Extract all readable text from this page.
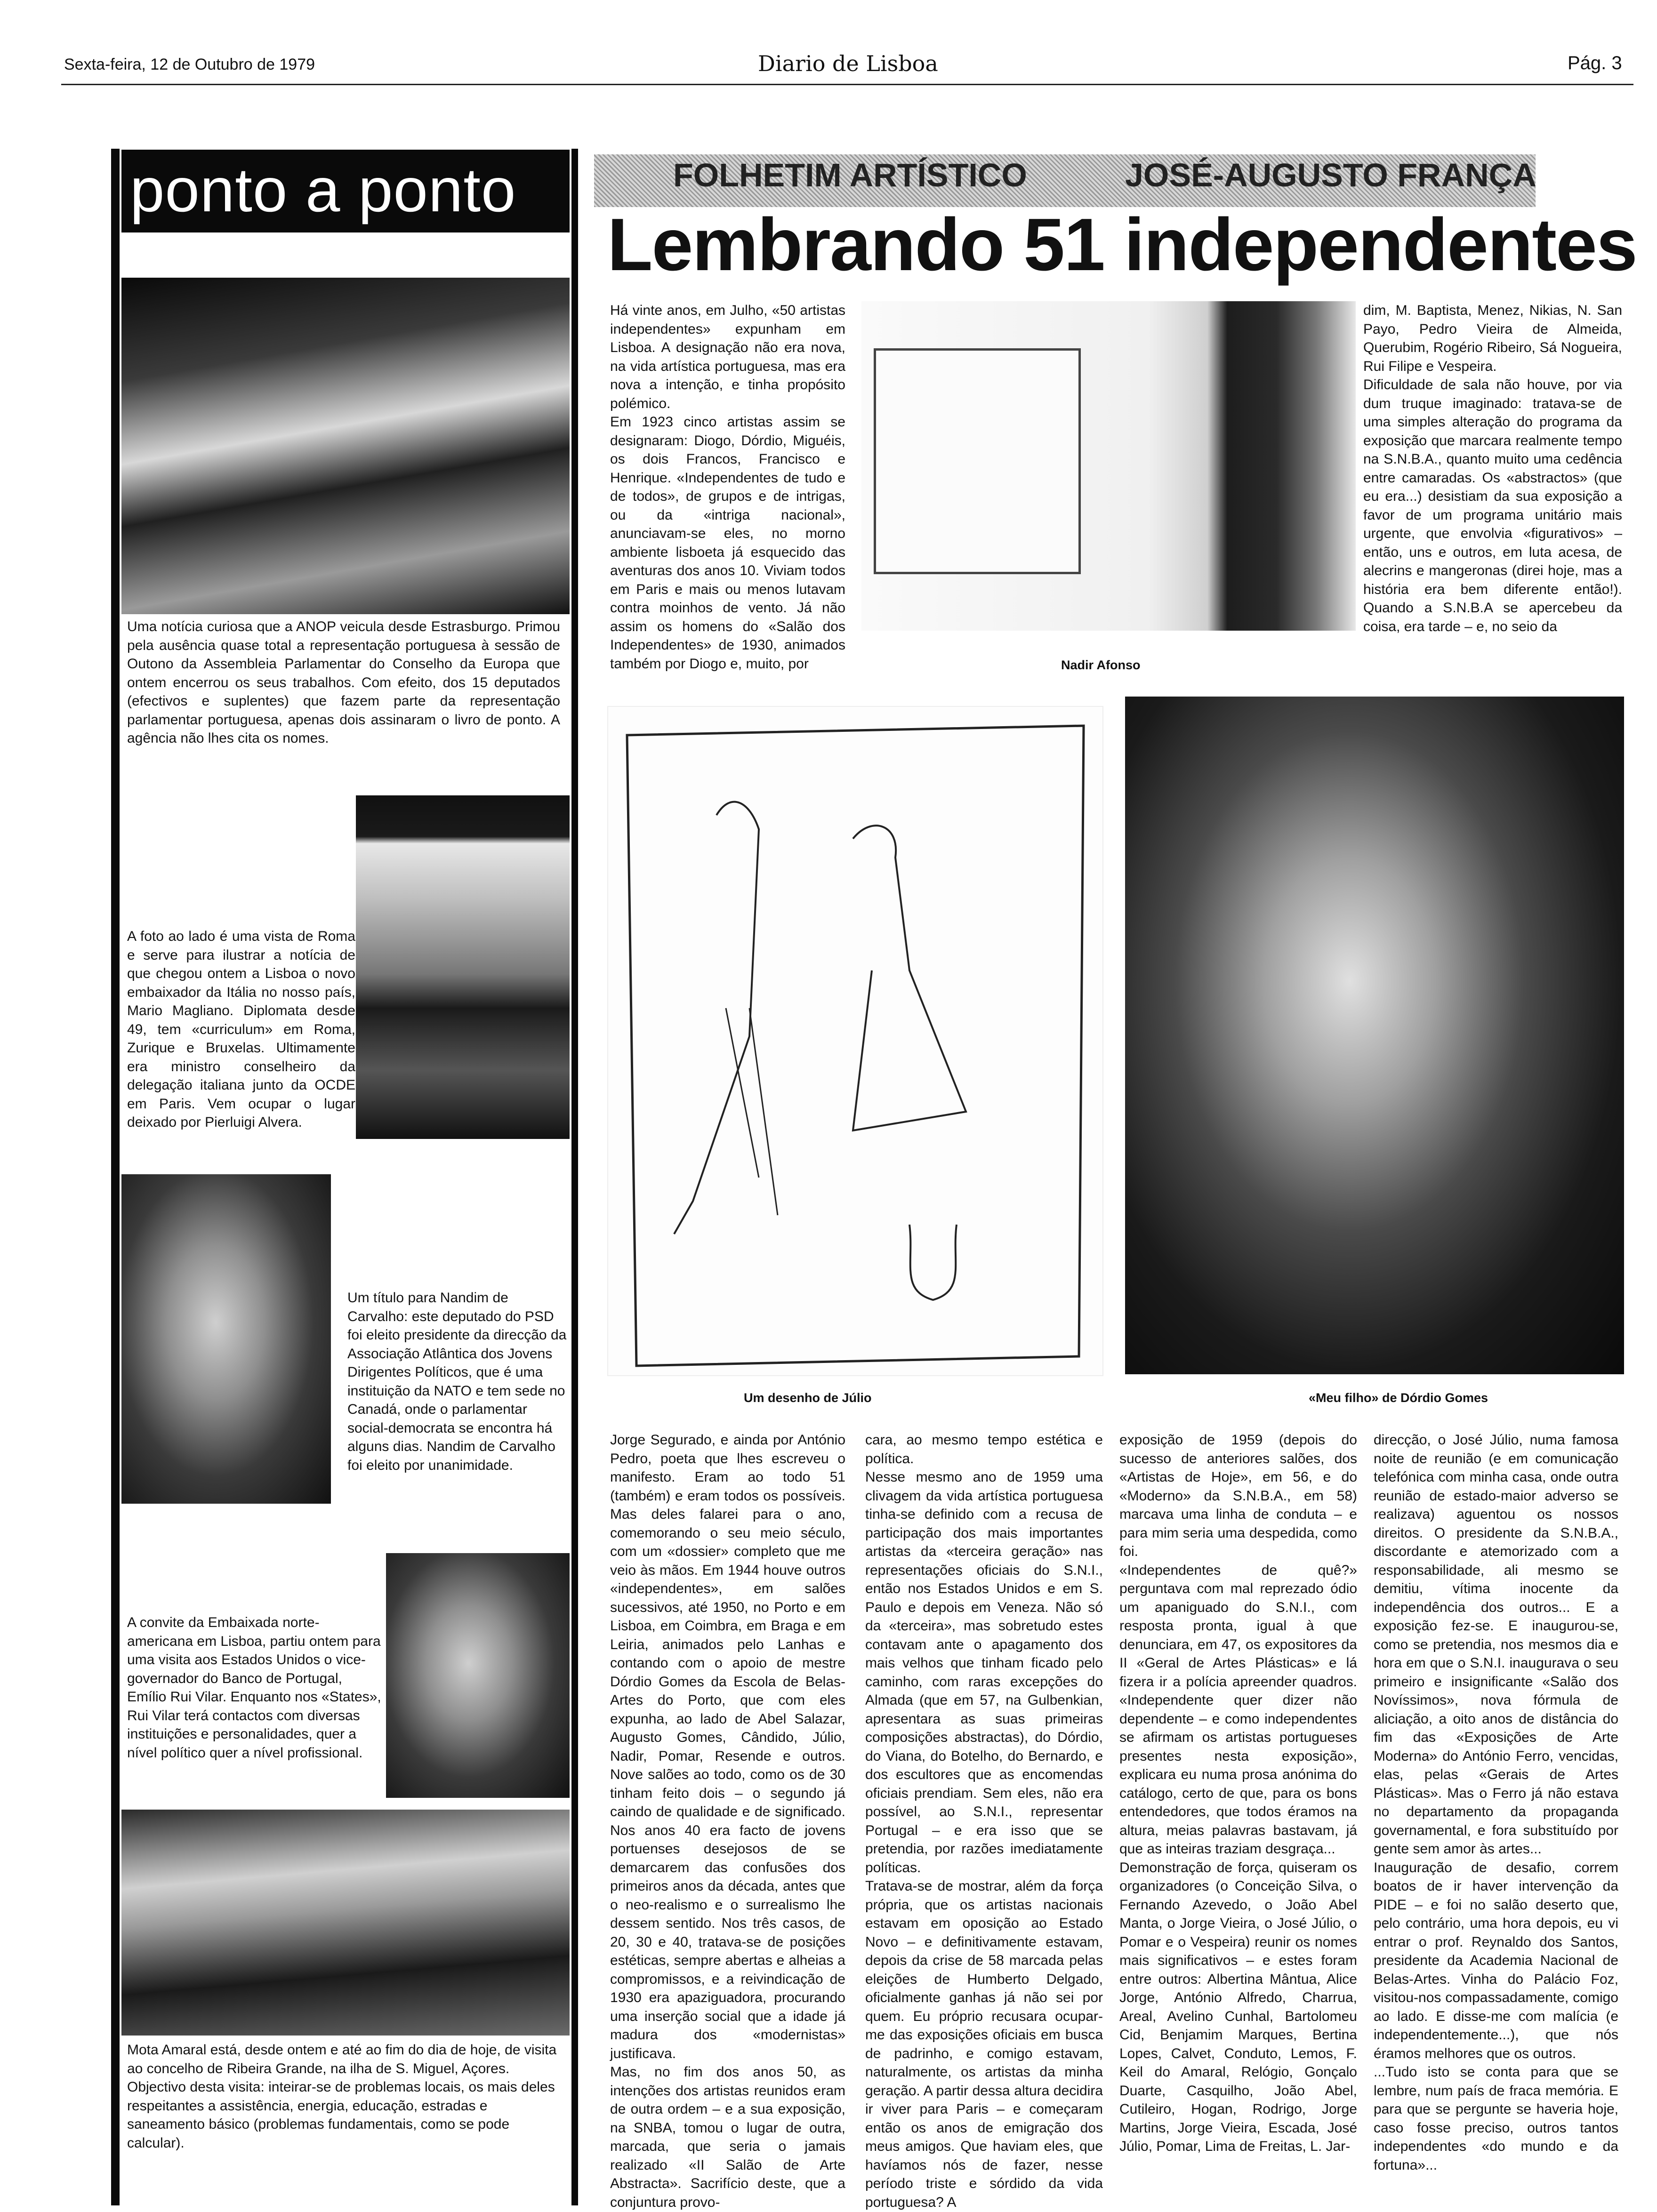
Sexta-feira, 12 de Outubro de 1979	Diario de Lisboa	Pág. 3
ponto a ponto
Uma notícia curiosa que a ANOP veicula desde Estrasburgo. Primou pela ausência quase total a representação portuguesa à sessão de Outono da Assembleia Parlamentar do Conselho da Europa que ontem encerrou os seus trabalhos. Com efeito, dos 15 deputados (efectivos e suplentes) que fazem parte da representação parlamentar portuguesa, apenas dois assinaram o livro de ponto. A agência não lhes cita os nomes.
A foto ao lado é uma vista de Roma e serve para ilustrar a notícia de que chegou ontem a Lisboa o novo embaixador da Itália no nosso país, Mario Magliano. Diplomata desde 49, tem «curriculum» em Roma, Zurique e Bruxelas. Ultimamente era ministro conselheiro da delegação italiana junto da OCDE em Paris. Vem ocupar o lugar deixado por Pierluigi Alvera.
Um título para Nandim de Carvalho: este deputado do PSD foi eleito presidente da direcção da Associação Atlântica dos Jovens Dirigentes Políticos, que é uma instituição da NATO e tem sede no Canadá, onde o parlamentar social-democrata se encontra há alguns dias. Nandim de Carvalho foi eleito por unanimidade.
A convite da Embaixada norte-americana em Lisboa, partiu ontem para uma visita aos Estados Unidos o vice-governador do Banco de Portugal, Emílio Rui Vilar. Enquanto nos «States», Rui Vilar terá contactos com diversas instituições e personalidades, quer a nível político quer a nível profissional.
Mota Amaral está, desde ontem e até ao fim do dia de hoje, de visita ao concelho de Ribeira Grande, na ilha de S. Miguel, Açores. Objectivo desta visita: inteirar-se de problemas locais, os mais deles respeitantes a assistência, energia, educação, estradas e saneamento básico (problemas fundamentais, como se pode calcular).
FOLHETIM ARTÍSTICO	JOSÉ-AUGUSTO FRANÇA
Lembrando 51 independentes
Há vinte anos, em Julho, «50 artistas independentes» expunham em Lisboa. A designação não era nova, na vida artística portuguesa, mas era nova a intenção, e tinha propósito polémico.
Em 1923 cinco artistas assim se designaram: Diogo, Dórdio, Miguéis, os dois Francos, Francisco e Henrique. «Independentes de tudo e de todos», de grupos e de intrigas, ou da «intriga nacional», anunciavam-se eles, no morno ambiente lisboeta já esquecido das aventuras dos anos 10. Viviam todos em Paris e mais ou menos lutavam contra moinhos de vento. Já não assim os homens do «Salão dos Independentes» de 1930, animados também por Diogo e, muito, por	Nadir Afonso
dim, M. Baptista, Menez, Nikias, N. San Payo, Pedro Vieira de Almeida, Querubim, Rogério Ribeiro, Sá Nogueira, Rui Filipe e Vespeira.
Dificuldade de sala não houve, por via dum truque imaginado: tratava-se de uma simples alteração do programa da exposição que marcara realmente tempo na S.N.B.A., quanto muito uma cedência entre camaradas. Os «abstractos» (que eu era...) desistiam da sua exposição a favor de um programa unitário mais urgente, que envolvia «figurativos» – então, uns e outros, em luta acesa, de alecrins e mangeronas (direi hoje, mas a história era bem diferente então!). Quando a S.N.B.A se apercebeu da coisa, era tarde – e, no seio da
Um desenho de Júlio	«Meu filho» de Dórdio Gomes
Jorge Segurado, e ainda por António Pedro, poeta que lhes escreveu o manifesto. Eram ao todo 51 (também) e eram todos os possíveis. Mas deles falarei para o ano, comemorando o seu meio século, com um «dossier» completo que me veio às mãos. Em 1944 houve outros «independentes», em salões sucessivos, até 1950, no Porto e em Lisboa, em Coimbra, em Braga e em Leiria, animados pelo Lanhas e contando com o apoio de mestre Dórdio Gomes da Escola de Belas-Artes do Porto, que com eles expunha, ao lado de Abel Salazar, Augusto Gomes, Cândido, Júlio, Nadir, Pomar, Resende e outros. Nove salões ao todo, como os de 30 tinham feito dois – o segundo já caindo de qualidade e de significado. Nos anos 40 era facto de jovens portuenses desejosos de se demarcarem das confusões dos primeiros anos da década, antes que o neo-realismo e o surrealismo lhe dessem sentido. Nos três casos, de 20, 30 e 40, tratava-se de posições estéticas, sempre abertas e alheias a compromissos, e a reivindicação de 1930 era apaziguadora, procurando uma inserção social que a idade já madura dos «modernistas» justificava.
Mas, no fim dos anos 50, as intenções dos artistas reunidos eram de outra ordem – e a sua exposição, na SNBA, tomou o lugar de outra, marcada, que seria o jamais realizado «II Salão de Arte Abstracta». Sacrifício deste, que a conjuntura provo-
cara, ao mesmo tempo estética e política.
Nesse mesmo ano de 1959 uma clivagem da vida artística portuguesa tinha-se definido com a recusa de participação dos mais importantes artistas da «terceira geração» nas representações oficiais do S.N.I., então nos Estados Unidos e em S. Paulo e depois em Veneza. Não só da «terceira», mas sobretudo estes contavam ante o apagamento dos mais velhos que tinham ficado pelo caminho, com raras excepções do Almada (que em 57, na Gulbenkian, apresentara as suas primeiras composições abstractas), do Dórdio, do Viana, do Botelho, do Bernardo, e dos escultores que as encomendas oficiais prendiam. Sem eles, não era possível, ao S.N.I., representar Portugal – e era isso que se pretendia, por razões imediatamente políticas.
Tratava-se de mostrar, além da força própria, que os artistas nacionais estavam em oposição ao Estado Novo – e definitivamente estavam, depois da crise de 58 marcada pelas eleições de Humberto Delgado, oficialmente ganhas já não sei por quem. Eu próprio recusara ocupar-me das exposições oficiais em busca de padrinho, e comigo estavam, naturalmente, os artistas da minha geração. A partir dessa altura decidira ir viver para Paris – e começaram então os anos de emigração dos meus amigos. Que haviam eles, que havíamos nós de fazer, nesse período triste e sórdido da vida portuguesa? A
exposição de 1959 (depois do sucesso de anteriores salões, dos «Artistas de Hoje», em 56, e do «Moderno» da S.N.B.A., em 58) marcava uma linha de conduta – e para mim seria uma despedida, como foi.
«Independentes de quê?» perguntava com mal reprezado ódio um apaniguado do S.N.I., com resposta pronta, igual à que denunciara, em 47, os expositores da II «Geral de Artes Plásticas» e lá fizera ir a polícia apreender quadros. «Independente quer dizer não dependente – e como independentes se afirmam os artistas portugueses presentes nesta exposição», explicara eu numa prosa anónima do catálogo, certo de que, para os bons entendedores, que todos éramos na altura, meias palavras bastavam, já que as inteiras traziam desgraça...
Demonstração de força, quiseram os organizadores (o Conceição Silva, o Fernando Azevedo, o João Abel Manta, o Jorge Vieira, o José Júlio, o Pomar e o Vespeira) reunir os nomes mais significativos – e estes foram entre outros: Albertina Mântua, Alice Jorge, António Alfredo, Charrua, Areal, Avelino Cunhal, Bartolomeu Cid, Benjamim Marques, Bertina Lopes, Calvet, Conduto, Lemos, F. Keil do Amaral, Relógio, Gonçalo Duarte, Casquilho, João Abel, Cutileiro, Hogan, Rodrigo, Jorge Martins, Jorge Vieira, Escada, José Júlio, Pomar, Lima de Freitas, L. Jar-
direcção, o José Júlio, numa famosa noite de reunião (e em comunicação telefónica com minha casa, onde outra reunião de estado-maior adverso se realizava) aguentou os nossos direitos. O presidente da S.N.B.A., discordante e atemorizado com a responsabilidade, ali mesmo se demitiu, vítima inocente da independência dos outros... E a exposição fez-se. E inaugurou-se, como se pretendia, nos mesmos dia e hora em que o S.N.I. inaugurava o seu primeiro e insignificante «Salão dos Novíssimos», nova fórmula de aliciação, a oito anos de distância do fim das «Exposições de Arte Moderna» do António Ferro, vencidas, elas, pelas «Gerais de Artes Plásticas». Mas o Ferro já não estava no departamento da propaganda governamental, e fora substituído por gente sem amor às artes...
Inauguração de desafio, correm boatos de ir haver intervenção da PIDE – e foi no salão deserto que, pelo contrário, uma hora depois, eu vi entrar o prof. Reynaldo dos Santos, presidente da Academia Nacional de Belas-Artes. Vinha do Palácio Foz, visitou-nos compassadamente, comigo ao lado. E disse-me com malícia (e independentemente...), que nós éramos melhores que os outros.
...Tudo isto se conta para que se lembre, num país de fraca memória. E para que se pergunte se haveria hoje, caso fosse preciso, outros tantos independentes «do mundo e da fortuna»...
